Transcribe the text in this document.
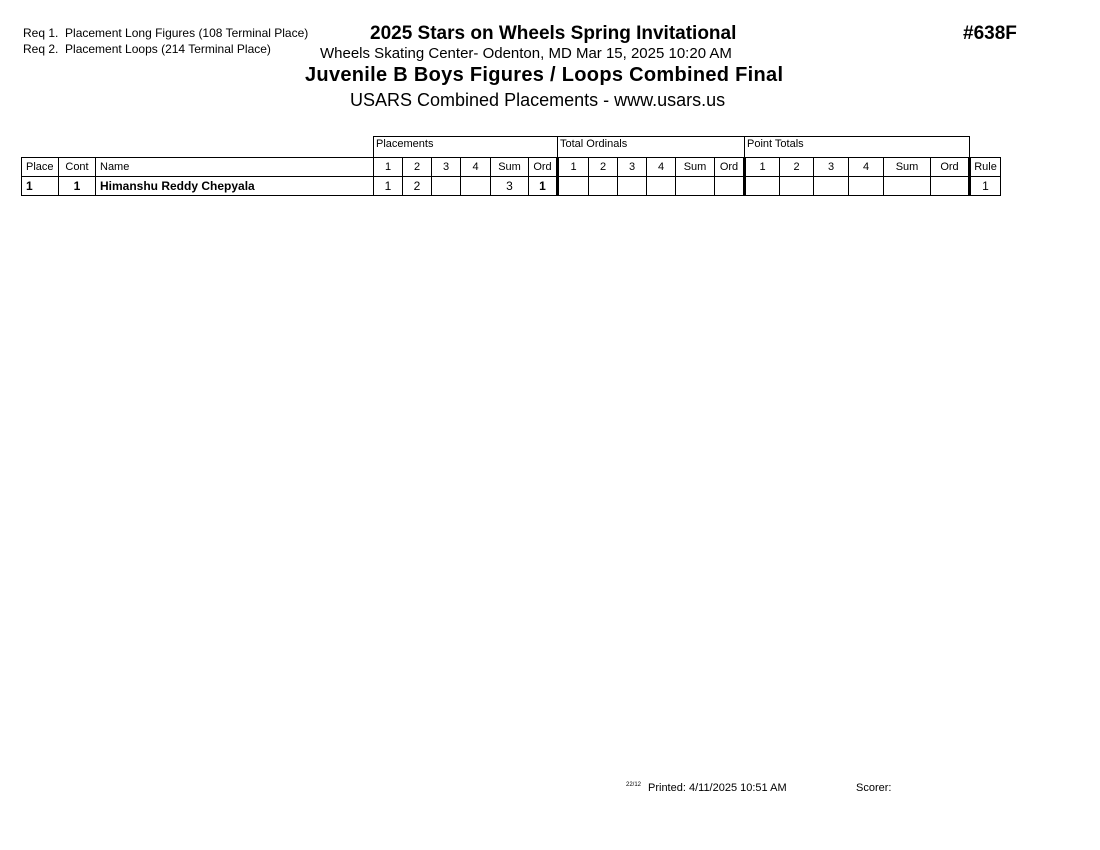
Req 1. Placement Long Figures (108 Terminal Place)
Req 2. Placement Loops (214 Terminal Place)
2025 Stars on Wheels Spring Invitational
Wheels Skating Center- Odenton, MD Mar 15, 2025 10:20 AM
Juvenile B Boys Figures / Loops Combined Final
USARS Combined Placements - www.usars.us
#638F
			Placements						Total Ordinals						Point Totals						
Place	Cont	Name	1	2	3	4	Sum	Ord	1	2	3	4	Sum	Ord	1	2	3	4	Sum	Ord	Rule
1	1	Himanshu Reddy Chepyala	1	2			3	1													1
22/12 Printed: 4/11/2025 10:51 AM	Scorer:
